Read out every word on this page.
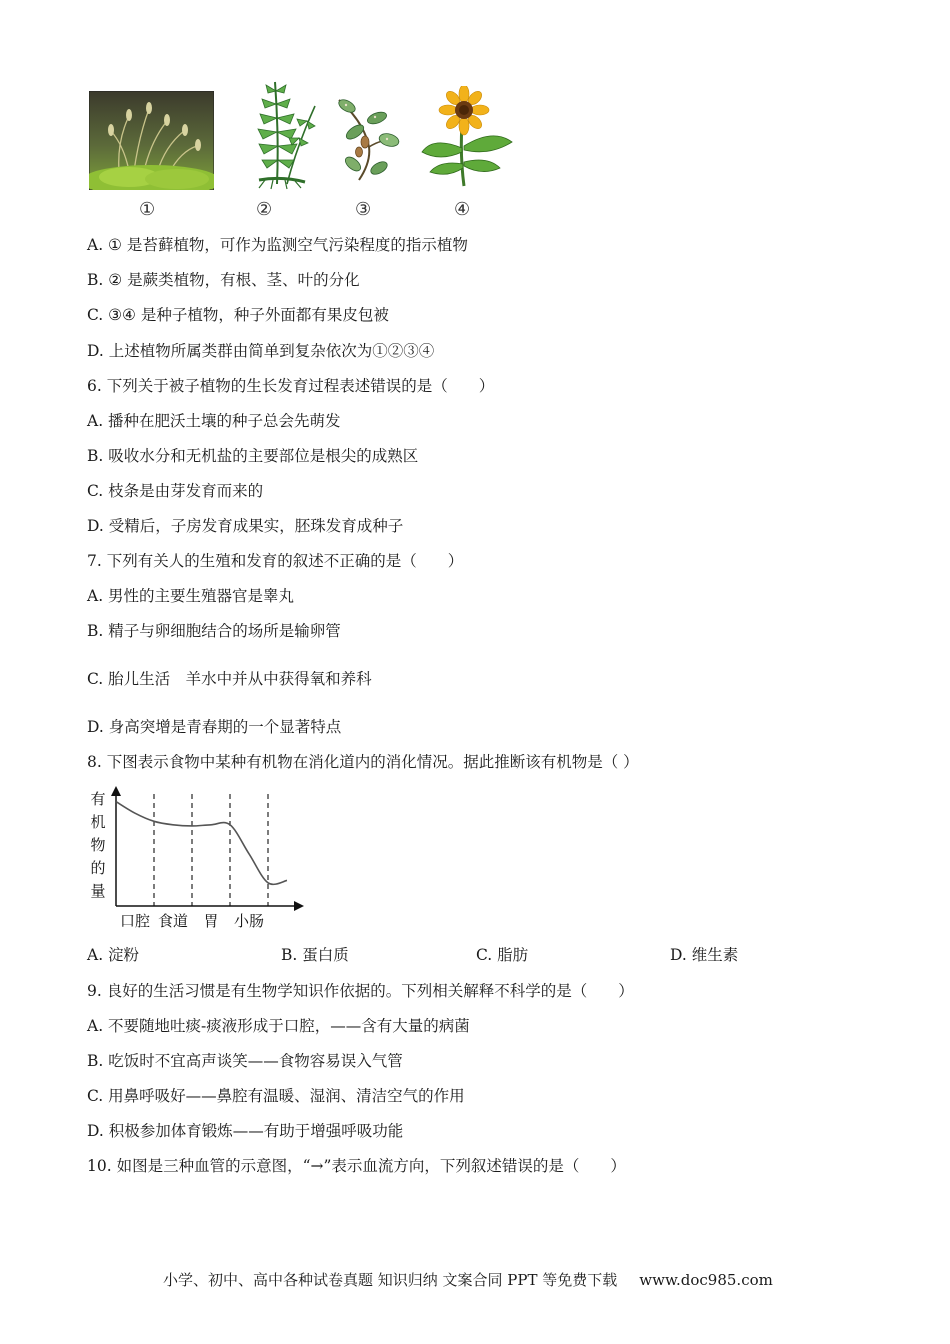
①	②	③	④
A. ① 是苔藓植物，可作为监测空气污染程度的指示植物
B. ② 是蕨类植物，有根、茎、叶的分化
C. ③④ 是种子植物，种子外面都有果皮包被
D. 上述植物所属类群由简单到复杂依次为①②③④
6. 下列关于被子植物的生长发育过程表述错误的是（　　）
A. 播种在肥沃土壤的种子总会先萌发
B. 吸收水分和无机盐的主要部位是根尖的成熟区
C. 枝条是由芽发育而来的
D. 受精后，子房发育成果实，胚珠发育成种子
7. 下列有关人的生殖和发育的叙述不正确的是（　　）
A. 男性的主要生殖器官是睾丸
B. 精子与卵细胞结合的场所是输卵管
C. 胎儿生活　羊水中并从中获得氧和养科
D. 身高突增是青春期的一个显著特点
8. 下图表示食物中某种有机物在消化道内的消化情况。据此推断该有机物是（ ）
有机物的量
口腔 食道 胃 小肠
A. 淀粉	B. 蛋白质	C. 脂肪	D. 维生素
9. 良好的生活习惯是有生物学知识作依据的。下列相关解释不科学的是（　　）
A. 不要随地吐痰-痰液形成于口腔，——含有大量的病菌
B. 吃饭时不宜高声谈笑——食物容易误入气管
C. 用鼻呼吸好——鼻腔有温暖、湿润、清洁空气的作用
D. 积极参加体育锻炼——有助于增强呼吸功能
10. 如图是三种血管的示意图，“→”表示血流方向，下列叙述错误的是（　　）
小学、初中、高中各种试卷真题 知识归纳 文案合同 PPT 等免费下载 www.doc985.com
